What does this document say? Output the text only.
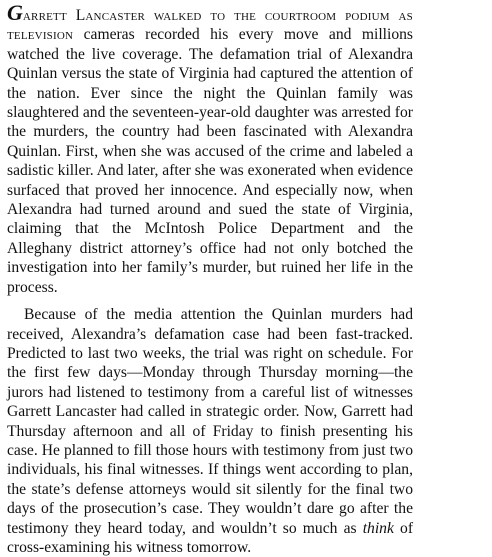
Garrett Lancaster walked to the courtroom podium as television cameras recorded his every move and millions watched the live coverage. The defamation trial of Alexandra Quinlan versus the state of Virginia had captured the attention of the nation. Ever since the night the Quinlan family was slaughtered and the seventeen-year-old daughter was arrested for the murders, the country had been fascinated with Alexandra Quinlan. First, when she was accused of the crime and labeled a sadistic killer. And later, after she was exonerated when evidence surfaced that proved her innocence. And especially now, when Alexandra had turned around and sued the state of Virginia, claiming that the McIntosh Police Department and the Alleghany district attorney’s office had not only botched the investigation into her family’s murder, but ruined her life in the process.

Because of the media attention the Quinlan murders had received, Alexandra’s defamation case had been fast-tracked. Predicted to last two weeks, the trial was right on schedule. For the first few days—Monday through Thursday morning—the jurors had listened to testimony from a careful list of witnesses Garrett Lancaster had called in strategic order. Now, Garrett had Thursday afternoon and all of Friday to finish presenting his case. He planned to fill those hours with testimony from just two individuals, his final witnesses. If things went according to plan, the state’s defense attorneys would sit silently for the final two days of the prosecution’s case. They wouldn’t dare go after the testimony they heard today, and wouldn’t so much as think of cross-examining his witness tomorrow.
